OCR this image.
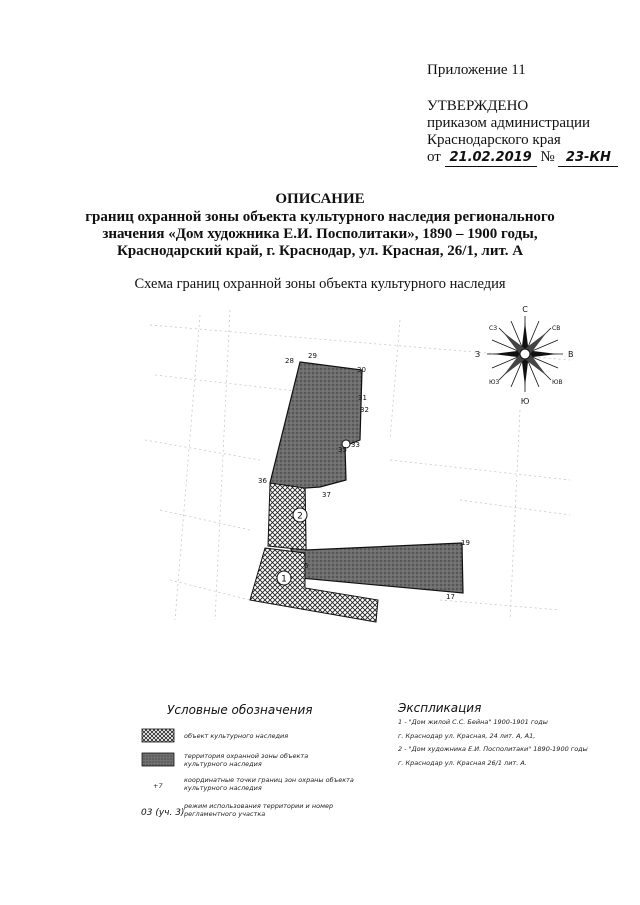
Приложение 11
УТВЕРЖДЕНО
приказом администрации
Краснодарского края
от 21.02.2019 № 23-КН
ОПИСАНИЕ
границ охранной зоны объекта культурного наследия регионального
значения «Дом художника Е.И. Посполитаки», 1890 – 1900 годы,
Краснодарский край, г. Краснодар, ул. Красная, 26/1, лит. А
Схема границ охранной зоны объекта культурного наследия
2
1
28
29
30
31
32
33
35
36
37
19
17
6
С
Ю
В
З
СЗ	СВ
ЮЗ	ЮВ
Условные обозначения
объект культурного наследия
территория охранной зоны объекта
культурного наследия
+7
координатные точки границ зон охраны объекта
культурного наследия
03 (уч. 3)
режим использования территории и номер
регламентного участка
Экспликация
1 - "Дом жилой С.С. Бейна" 1900-1901 годы
г. Краснодар ул. Красная, 24 лит. А, А1,
2 - "Дом художника Е.И. Посполитаки" 1890-1900 годы
г. Краснодар ул. Красная 26/1 лит. А.
